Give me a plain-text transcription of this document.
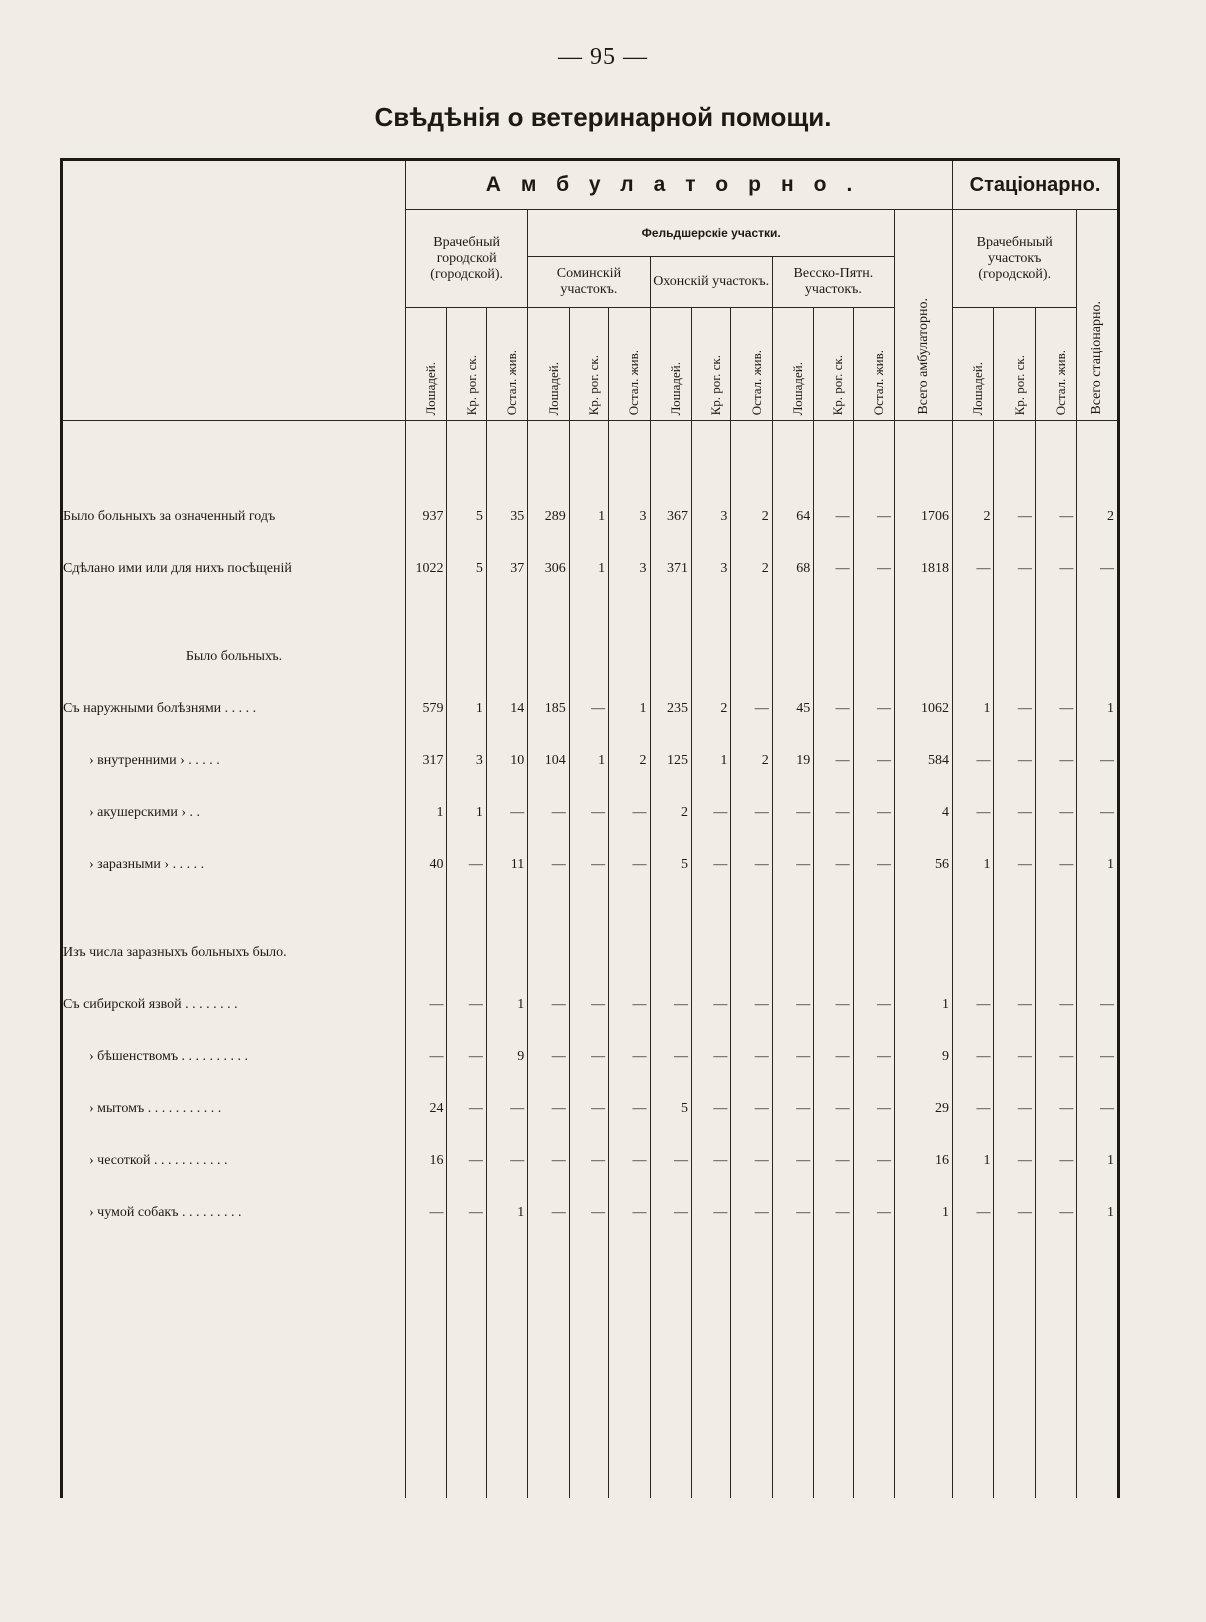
— 95 —
Свѣдѣнія о ветеринарной помощи.
	Амбулаторно.													Стаціонарно.			
	Врачебный городской (городской).			Фельдшерскіе участки.									Всего амбулаторно.	Врачебныый участокъ (городской).			Всего стаціонарно.
				Соминскій участокъ.			Охонскій участокъ.			Весско-Пятн. участокъ.							
	Лошадей.	Кр. рог. ск.	Остал. жив.	Лошадей.	Кр. рог. ск.	Остал. жив.	Лошадей.	Кр. рог. ск.	Остал. жив.	Лошадей.	Кр. рог. ск.	Остал. жив.		Лошадей.	Кр. рог. ск.	Остал. жив.	

Было больныхъ за означенный годъ	937	5	35	289	1	3	367	3	2	64	—	—	1706	2	—	—	2
Сдѣлано ими или для нихъ посѣщеній	1022	5	37	306	1	3	371	3	2	68	—	—	1818	—	—	—	—

Было больныхъ.																	
Съ наружными болѣзнями . . . . .	579	1	14	185	—	1	235	2	—	45	—	—	1062	1	—	—	1
› внутренними › . . . . .	317	3	10	104	1	2	125	1	2	19	—	—	584	—	—	—	—
› акушерскими › . .	1	1	—	—	—	—	2	—	—	—	—	—	4	—	—	—	—
› заразными › . . . . .	40	—	11	—	—	—	5	—	—	—	—	—	56	1	—	—	1

Изъ числа заразныхъ больныхъ было.																	
Съ сибирской язвой . . . . . . . .	—	—	1	—	—	—	—	—	—	—	—	—	1	—	—	—	—
› бѣшенствомъ . . . . . . . . . .	—	—	9	—	—	—	—	—	—	—	—	—	9	—	—	—	—
› мытомъ . . . . . . . . . . .	24	—	—	—	—	—	5	—	—	—	—	—	29	—	—	—	—
› чесоткой . . . . . . . . . . .	16	—	—	—	—	—	—	—	—	—	—	—	16	1	—	—	1
› чумой собакъ . . . . . . . . .	—	—	1	—	—	—	—	—	—	—	—	—	1	—	—	—	1
